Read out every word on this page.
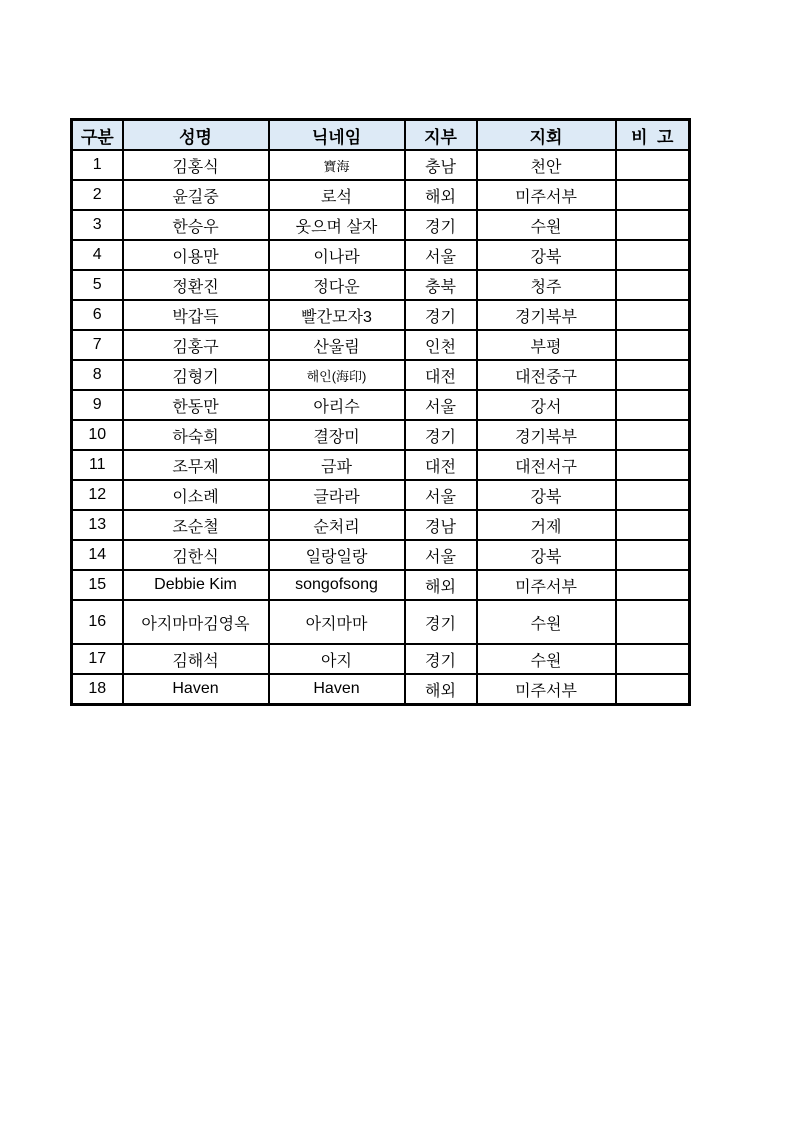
구분	성명	닉네임	지부	지회	비  고
1	김홍식	寶海	충남	천안	
2	윤길중	로석	해외	미주서부	
3	한승우	웃으며 살자	경기	수원	
4	이용만	이나라	서울	강북	
5	정환진	정다운	충북	청주	
6	박갑득	빨간모자3	경기	경기북부	
7	김홍구	산울림	인천	부평	
8	김형기	해인(海印)	대전	대전중구	
9	한동만	아리수	서울	강서	
10	하숙희	결장미	경기	경기북부	
11	조무제	금파	대전	대전서구	
12	이소례	글라라	서울	강북	
13	조순철	순처리	경남	거제	
14	김한식	일랑일랑	서울	강북	
15	Debbie Kim	songofsong	해외	미주서부	
16	아지마마김영옥	아지마마	경기	수원	
17	김해석	아지	경기	수원	
18	Haven	Haven	해외	미주서부	
